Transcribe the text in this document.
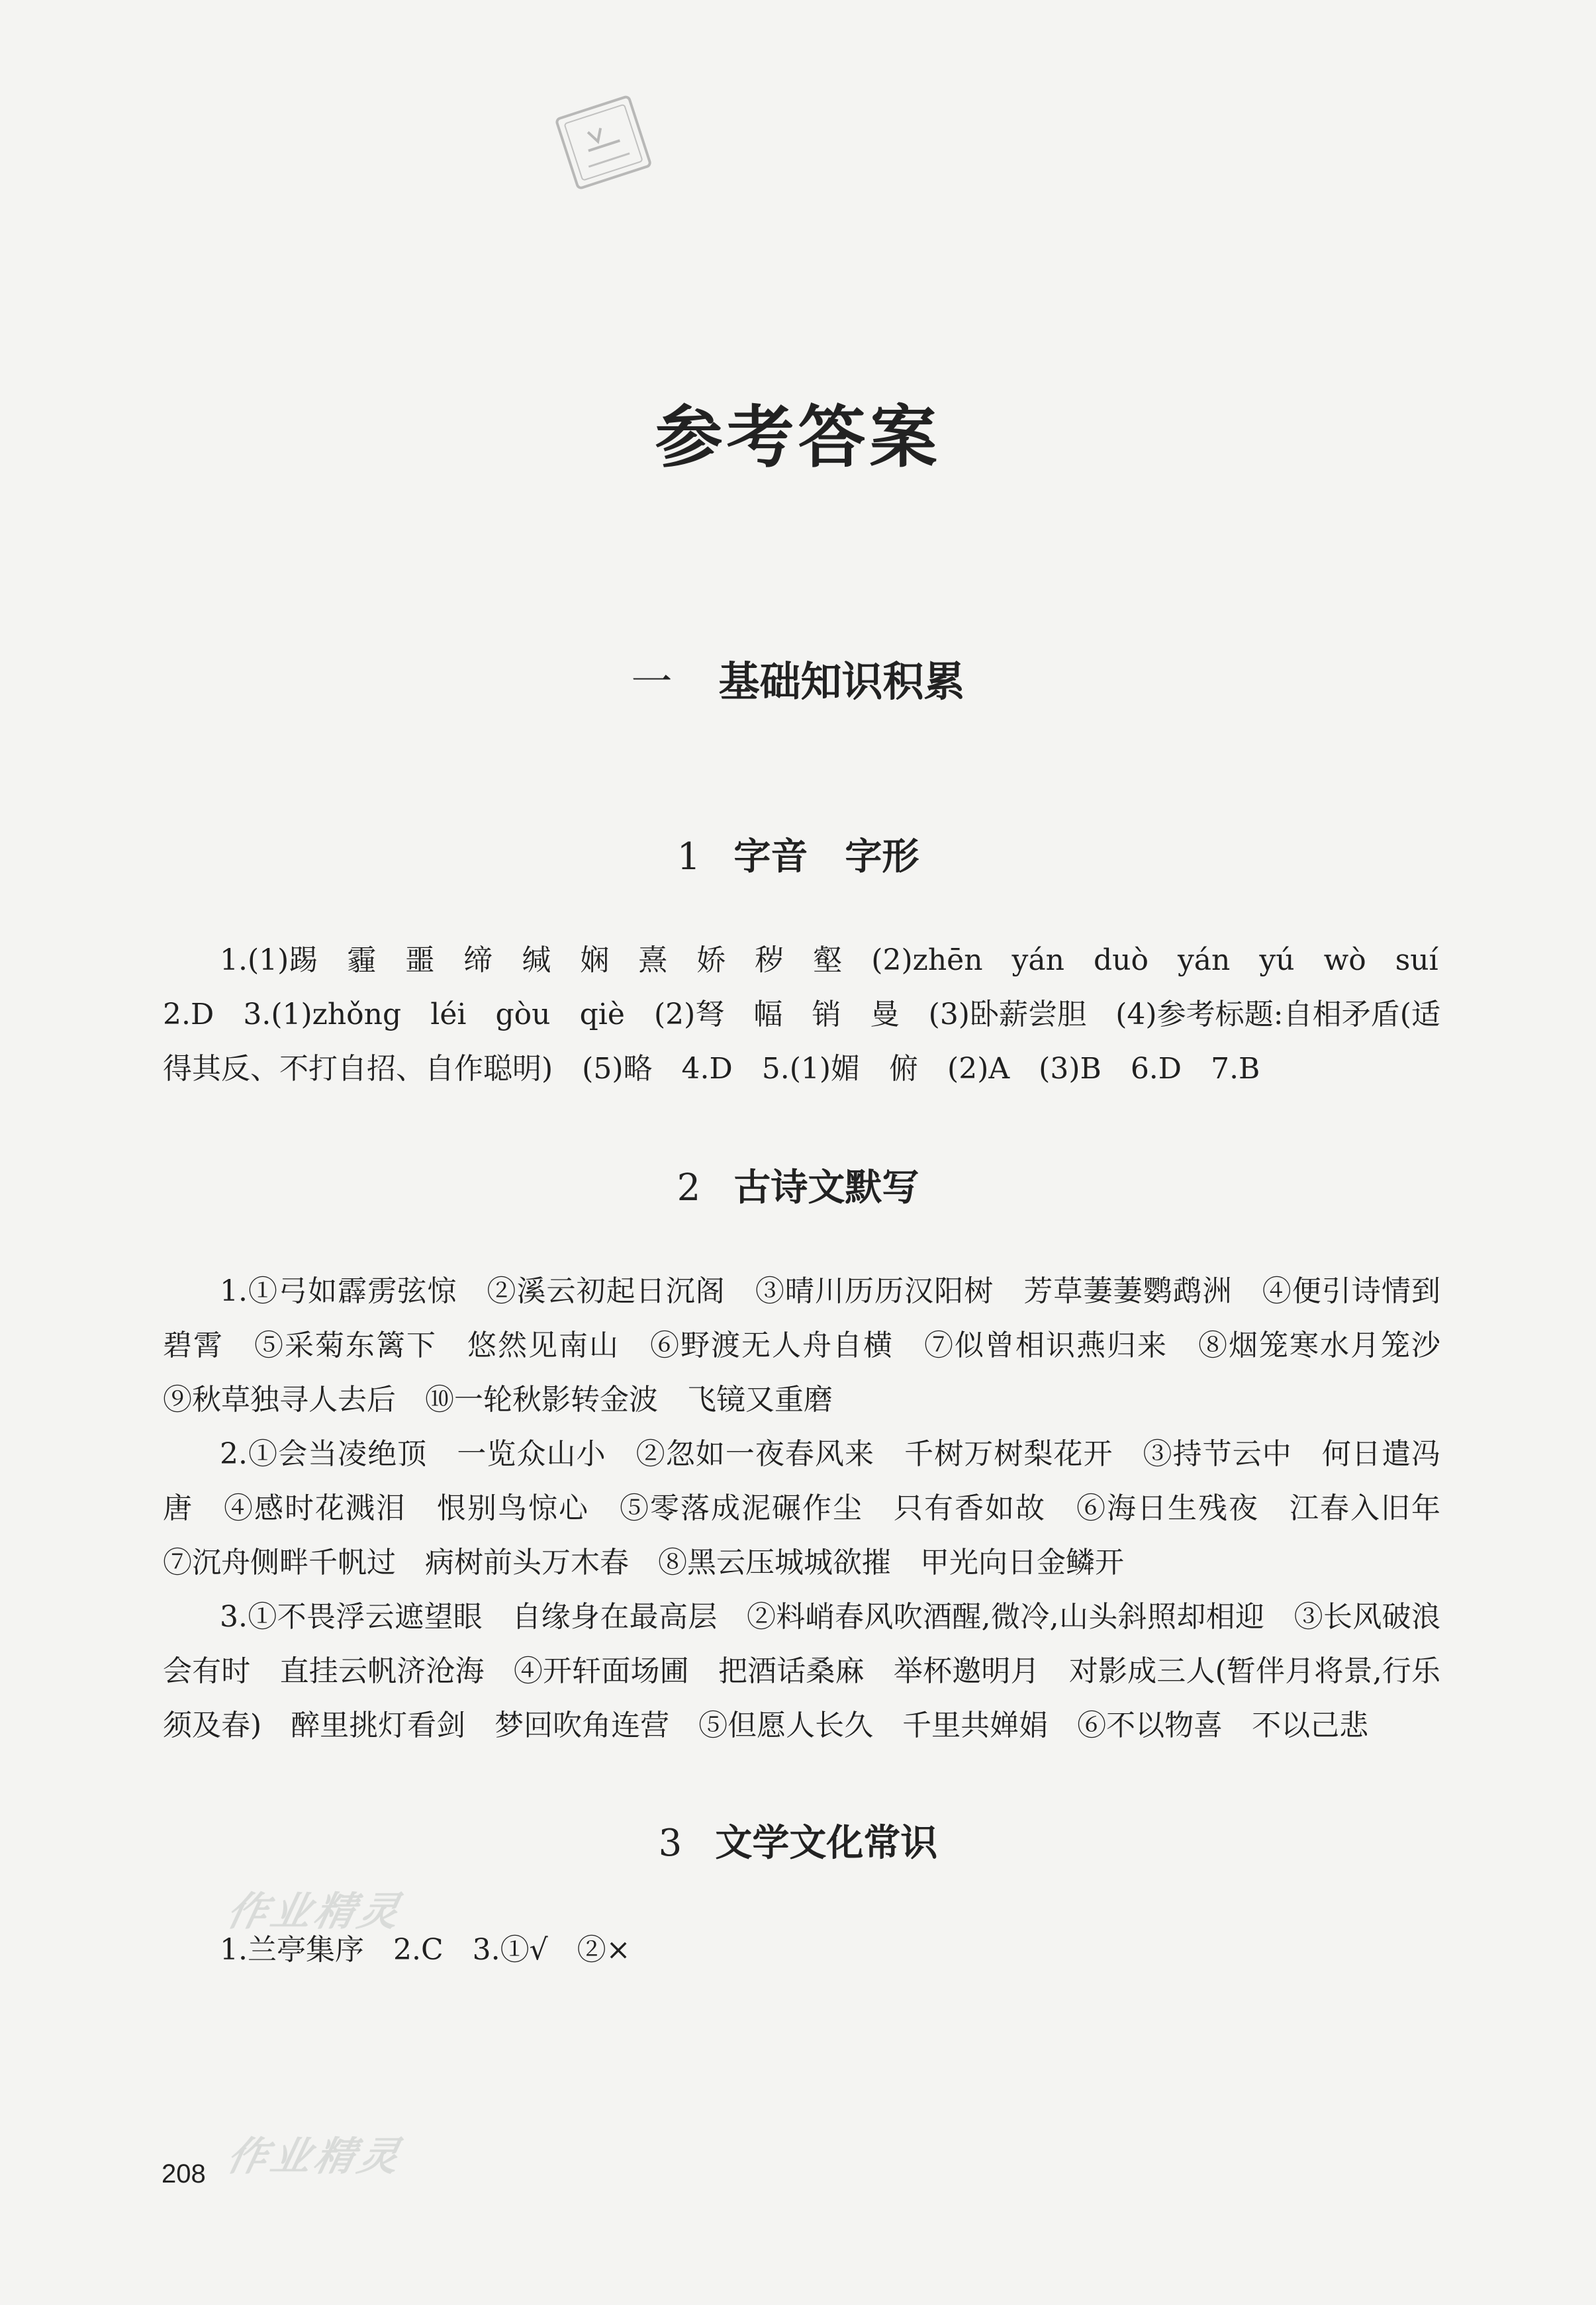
参考答案
一 基础知识积累
1 字音　字形

1.(1)踢　霾　噩　缔　缄　娴　熹　娇　秽　壑　(2)zhēn　yán　duò　yán　yú　wò　suí

2.D　3.(1)zhǒng　léi　gòu　qiè　(2)弩　幅　销　曼　(3)卧薪尝胆　(4)参考标题:自相矛盾(适得其反、不打自招、自作聪明)　(5)略　4.D　5.(1)媚　俯　(2)A　(3)B　6.D　7.B

2 古诗文默写

1.①弓如霹雳弦惊　②溪云初起日沉阁　③晴川历历汉阳树　芳草萋萋鹦鹉洲　④便引诗情到碧霄　⑤采菊东篱下　悠然见南山　⑥野渡无人舟自横　⑦似曾相识燕归来　⑧烟笼寒水月笼沙　⑨秋草独寻人去后　⑩一轮秋影转金波　飞镜又重磨

2.①会当凌绝顶　一览众山小　②忽如一夜春风来　千树万树梨花开　③持节云中　何日遣冯唐　④感时花溅泪　恨别鸟惊心　⑤零落成泥碾作尘　只有香如故　⑥海日生残夜　江春入旧年　⑦沉舟侧畔千帆过　病树前头万木春　⑧黑云压城城欲摧　甲光向日金鳞开

3.①不畏浮云遮望眼　自缘身在最高层　②料峭春风吹酒醒,微冷,山头斜照却相迎　③长风破浪会有时　直挂云帆济沧海　④开轩面场圃　把酒话桑麻　举杯邀明月　对影成三人(暂伴月将景,行乐须及春)　醉里挑灯看剑　梦回吹角连营　⑤但愿人长久　千里共婵娟　⑥不以物喜　不以己悲

3 文学文化常识

1.兰亭集序　2.C　3.①√　②×

作业精灵
作业精灵
208
